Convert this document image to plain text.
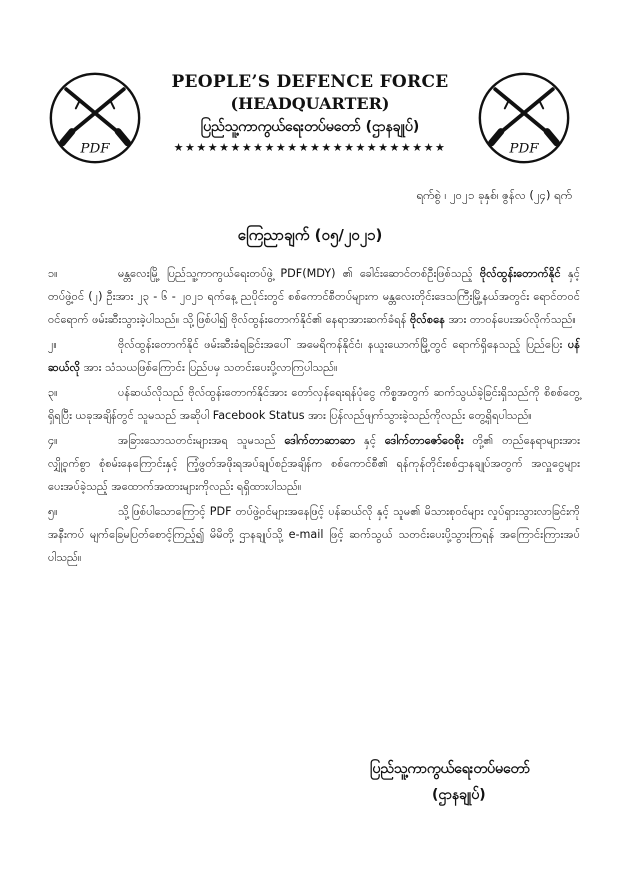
PDF	PDF
PEOPLE’S DEFENCE FORCE
(HEADQUARTER)
ပြည်သူ့ကာကွယ်ရေးတပ်မတော် (ဌာနချုပ်)
★★★★★★★★★★★★★★★★★★★★★★★★
ရက်စွဲ ၊ ၂၀၂၁ ခုနှစ်၊ ဇွန်လ (၂၄) ရက်
ကြေညာချက် (၀၅/၂၀၂၁)

၁။	မန္တလေးမြို့ ပြည်သူ့ကာကွယ်ရေးတပ်ဖွဲ့ PDF(MDY) ၏ ခေါင်းဆောင်တစ်ဦးဖြစ်သည့် ဗိုလ်ထွန်းတောက်နိုင် နှင့် တပ်ဖွဲ့ဝင် (၂) ဦးအား ၂၃ - ၆ - ၂၀၂၁ ရက်နေ့ ညပိုင်းတွင် စစ်ကောင်စီတပ်များက မန္တလေးတိုင်းဒေသကြီးမြို့နယ်အတွင်း ရောင်တဝင် ဝင်ရောက် ဖမ်းဆီးသွားခဲ့ပါသည်။ သို့ဖြစ်ပါ၍ ဗိုလ်ထွန်းတောက်နိုင်၏ နေရာအားဆက်ခံရန် ဗိုလ်စနေ အား တာဝန်ပေးအပ်လိုက်သည်။

၂။	ဗိုလ်ထွန်းတောက်နိုင် ဖမ်းဆီးခံရခြင်းအပေါ် အမေရိကန်နိုင်ငံ၊ နယူးယောက်မြို့တွင် ရောက်ရှိနေသည့် ပြည်ပြေး ပန်ဆယ်လို အား သံသယဖြစ်ကြောင်း ပြည်ပမှ သတင်းပေးပို့လာကြပါသည်။

၃။	ပန်ဆယ်လိုသည် ဗိုလ်ထွန်းတောက်နိုင်အား တော်လှန်ရေးရန်ပုံငွေ ကိစ္စအတွက် ဆက်သွယ်ခဲ့ခြင်းရှိသည်ကို စိစစ်တွေ့ရှိရပြီး ယခုအချိန်တွင် သူမသည် အဆိုပါ Facebook Status အား ပြန်လည်ဖျက်သွားခဲ့သည်ကိုလည်း တွေ့ရှိရပါသည်။

၄။	အခြားသောသတင်းများအရ သူမသည် ဒေါက်တာဆာဆာ နှင့် ဒေါက်တာဇော်ဝေစိုး တို့၏ တည်နေရာများအား လျှို့ဝှက်စွာ စုံစမ်းနေကြောင်းနှင့် ကြံ့ဖွတ်အဖိုးရအပ်ချုပ်စဉ်အချိန်က စစ်ကောင်စီ၏ ရန်ကုန်တိုင်းစစ်ဌာနချုပ်အတွက် အလှူငွေများပေးအပ်ခဲ့သည့် အထောက်အထားများကိုလည်း ရရှိထားပါသည်။

၅။	သို့ဖြစ်ပါသောကြောင့် PDF တပ်ဖွဲ့ဝင်များအနေဖြင့် ပန်ဆယ်လို နှင့် သူမ၏ မိသားစုဝင်များ လှုပ်ရှားသွားလာခြင်းကို အနီးကပ် မျက်ခြေမပြတ်စောင့်ကြည့်၍ မိမိတို့ ဌာနချုပ်သို့ e-mail ဖြင့် ဆက်သွယ် သတင်းပေးပို့သွားကြရန် အကြောင်းကြားအပ်ပါသည်။

ပြည်သူ့ကာကွယ်ရေးတပ်မတော်
(ဌာနချုပ်)
